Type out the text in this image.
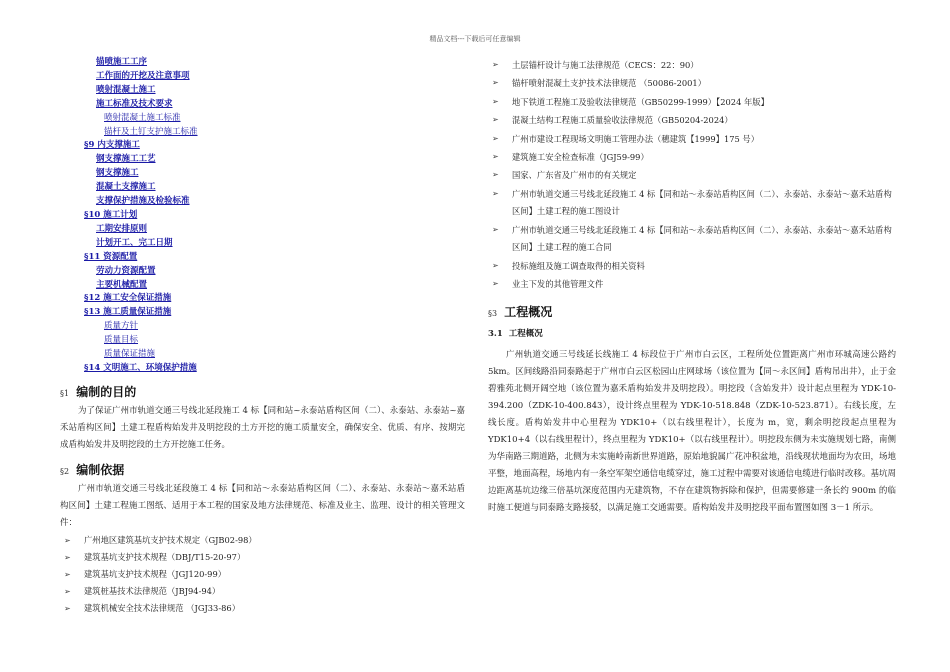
精品文档---下载后可任意编辑
锚喷施工工序
工作面的开挖及注意事项
喷射混凝土施工
施工标准及技术要求
喷射混凝土施工标准
锚杆及土钉支护施工标准
§9 内支撑施工
钢支撑施工工艺
钢支撑施工
混凝土支撑施工
支撑保护措施及检验标准
§10 施工计划
工期安排原则
计划开工、完工日期
§11 资源配置
劳动力资源配置
主要机械配置
§12 施工安全保证措施
§13 施工质量保证措施
质量方针
质量目标
质量保证措施
§14 文明施工、环境保护措施
§1 编制的目的
为了保证广州市轨道交通三号线北延段施工 4 标【同和站~永泰站盾构区间（二）、永泰站、永泰站~嘉禾站盾构区间】土建工程盾构始发井及明挖段的土方开挖的施工质量安全，确保安全、优质、有序、按期完成盾构始发井及明挖段的土方开挖施工任务。
§2 编制依据
广州市轨道交通三号线北延段施工 4 标【同和站～永泰站盾构区间（二）、永泰站、永泰站～嘉禾站盾构区间】土建工程施工图纸、适用于本工程的国家及地方法律规范、标准及业主、监理、设计的相关管理文件：
➢ 广州地区建筑基坑支护技术规定（GJB02-98）
➢ 建筑基坑支护技术规程（DBJ/T15-20-97）
➢ 建筑基坑支护技术规程（JGJ120-99）
➢ 建筑桩基技术法律规范（JBJ94-94）
➢ 建筑机械安全技术法律规范 （JGJ33-86）
➢ 土层锚杆设计与施工法律规范（CECS：22：90）
➢ 锚杆喷射混凝土支护技术法律规范 （50086-2001）
➢ 地下铁道工程施工及验收法律规范（GB50299-1999）【2024 年版】
➢ 混凝土结构工程施工质量验收法律规范（GB50204-2024）
➢ 广州市建设工程现场文明施工管理办法（穗建筑【1999】175 号）
➢ 建筑施工安全检查标准（JGJ59-99）
➢ 国家、广东省及广州市的有关规定
➢ 广州市轨道交通三号线北延段施工 4 标【同和站～永泰站盾构区间（二）、永泰站、永泰站～嘉禾站盾构区间】土建工程的施工图设计
➢ 广州市轨道交通三号线北延段施工 4 标【同和站～永泰站盾构区间（二）、永泰站、永泰站～嘉禾站盾构区间】土建工程的施工合同
➢ 投标施组及施工调查取得的相关资料
➢ 业主下发的其他管理文件
§3 工程概况
3.1 工程概况
广州轨道交通三号线延长线施工 4 标段位于广州市白云区，工程所处位置距离广州市环城高速公路约 5km。区间线路沿同泰路起于广州市白云区松园山庄网球场（该位置为【同～永区间】盾构吊出井），止于金碧雅苑北侧开阔空地（该位置为嘉禾盾构始发井及明挖段）。明挖段（含始发井）设计起点里程为 YDK-10-394.200（ZDK-10-400.843），设计终点里程为 YDK-10-518.848（ZDK-10-523.871）。右线长度，左线长度。盾构始发井中心里程为 YDK10+（以右线里程计），长度为 m，宽，剩余明挖段起点里程为 YDK10+4（以右线里程计），终点里程为 YDK10+（以右线里程计）。明挖段东侧为未实施规划七路，南侧为华南路三期道路，北侧为未实施岭南新世界道路，原始地貌属广花冲积盆地，沿线现状地面均为农田，场地平整，地面高程，场地内有一条空军架空通信电缆穿过，施工过程中需要对该通信电缆进行临时改移。基坑周边距离基坑边缘三倍基坑深度范围内无建筑物，不存在建筑物拆除和保护，但需要修建一条长约 900m 的临时施工便道与同泰路支路接驳，以满足施工交通需要。盾构始发井及明挖段平面布置图如图 3－1 所示。
